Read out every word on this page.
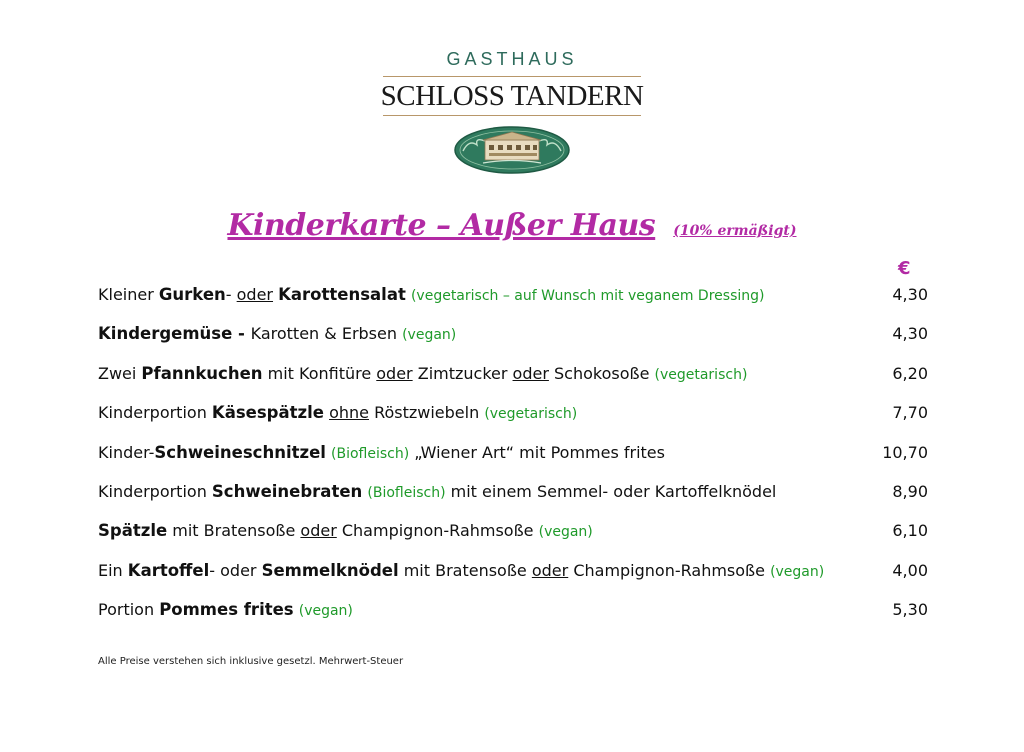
GASTHAUS
SCHLOSS TANDERN
Kinderkarte – Außer Haus (10% ermäßigt)
€
Kleiner Gurken- oder Karottensalat (vegetarisch – auf Wunsch mit veganem Dressing)	4,30
Kindergemüse - Karotten & Erbsen (vegan)	4,30
Zwei Pfannkuchen mit Konfitüre oder Zimtzucker oder Schokosoße (vegetarisch)	6,20
Kinderportion Käsespätzle ohne Röstzwiebeln (vegetarisch)	7,70
Kinder-Schweineschnitzel (Biofleisch) „Wiener Art“ mit Pommes frites	10,70
Kinderportion Schweinebraten (Biofleisch) mit einem Semmel- oder Kartoffelknödel	8,90
Spätzle mit Bratensoße oder Champignon-Rahmsoße (vegan)	6,10
Ein Kartoffel- oder Semmelknödel mit Bratensoße oder Champignon-Rahmsoße (vegan)	4,00
Portion Pommes frites (vegan)	5,30
Alle Preise verstehen sich inklusive gesetzl. Mehrwert-Steuer
